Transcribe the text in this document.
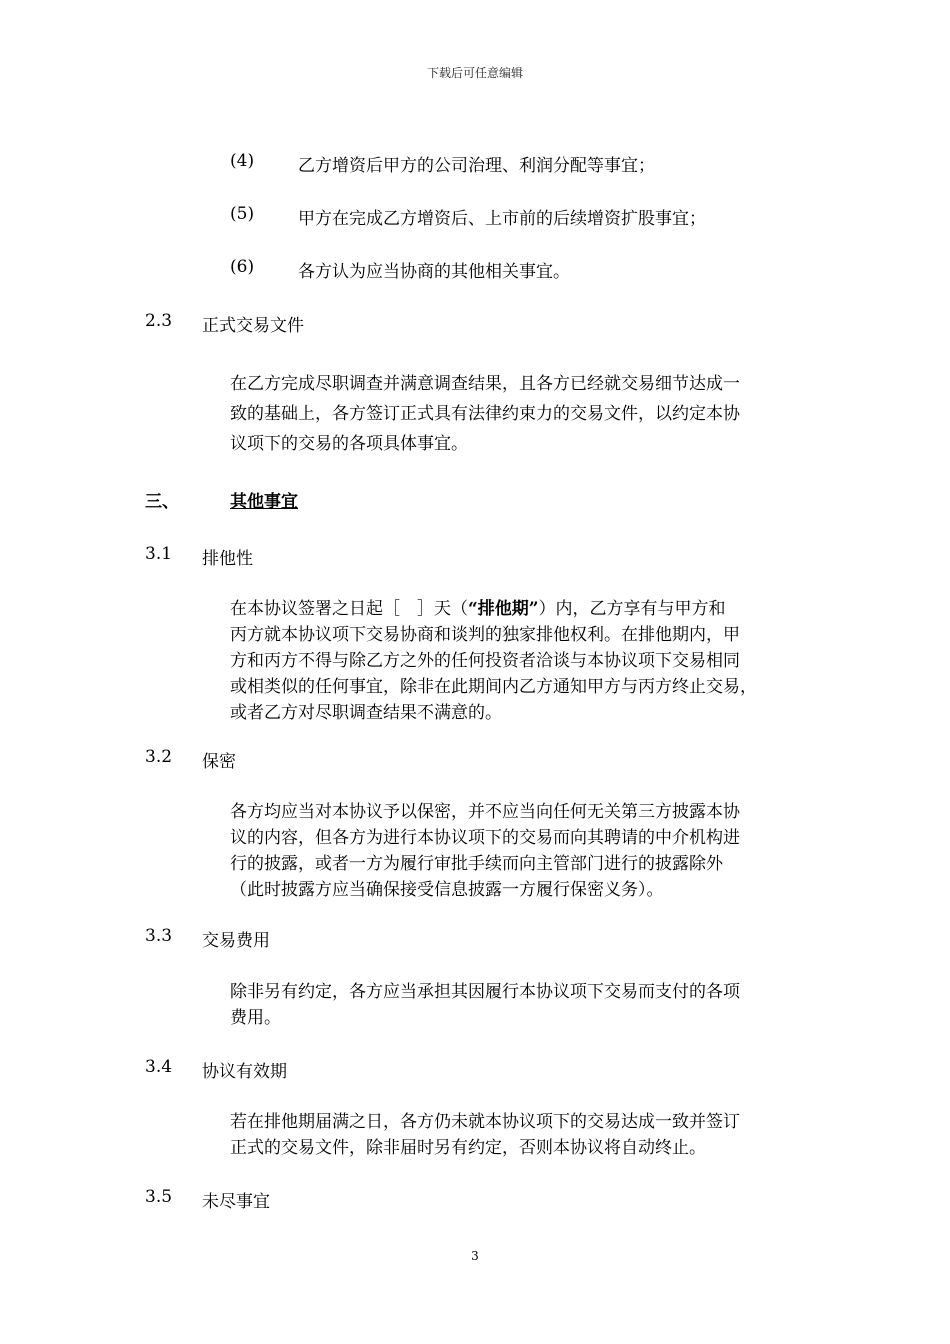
下载后可任意编辑
(4)	乙方增资后甲方的公司治理、利润分配等事宜；
(5)	甲方在完成乙方增资后、上市前的后续增资扩股事宜；
(6)	各方认为应当协商的其他相关事宜。
2.3 正式交易文件
在乙方完成尽职调查并满意调查结果，且各方已经就交易细节达成一
致的基础上，各方签订正式具有法律约束力的交易文件，以约定本协
议项下的交易的各项具体事宜。
三、	其他事宜
3.1 排他性
在本协议签署之日起［　］天（“排他期”）内，乙方享有与甲方和
丙方就本协议项下交易协商和谈判的独家排他权利。在排他期内，甲
方和丙方不得与除乙方之外的任何投资者洽谈与本协议项下交易相同
或相类似的任何事宜，除非在此期间内乙方通知甲方与丙方终止交易，
或者乙方对尽职调查结果不满意的。
3.2 保密
各方均应当对本协议予以保密，并不应当向任何无关第三方披露本协
议的内容，但各方为进行本协议项下的交易而向其聘请的中介机构进
行的披露，或者一方为履行审批手续而向主管部门进行的披露除外
（此时披露方应当确保接受信息披露一方履行保密义务）。
3.3 交易费用
除非另有约定，各方应当承担其因履行本协议项下交易而支付的各项
费用。
3.4 协议有效期
若在排他期届满之日，各方仍未就本协议项下的交易达成一致并签订
正式的交易文件，除非届时另有约定，否则本协议将自动终止。
3.5 未尽事宜
3
